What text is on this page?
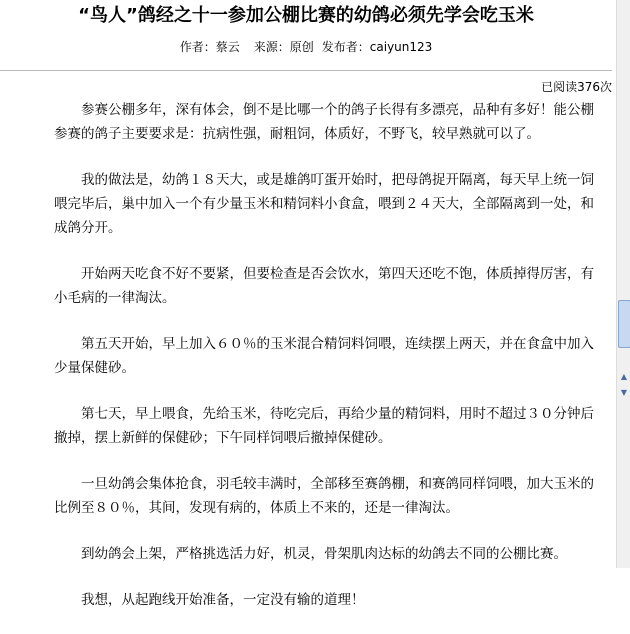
“鸟人”鸽经之十一参加公棚比赛的幼鸽必须先学会吃玉米
作者：蔡云 来源：原创 发布者：caiyun123
已阅读376次

参赛公棚多年，深有体会，倒不是比哪一个的鸽子长得有多漂亮，品种有多好！能公棚参赛的鸽子主要要求是：抗病性强，耐粗饲，体质好，不野飞，较早熟就可以了。

我的做法是，幼鸽１８天大，或是雄鸽叮蛋开始时，把母鸽捉开隔离，每天早上统一饲喂完毕后，巢中加入一个有少量玉米和精饲料小食盒，喂到２４天大，全部隔离到一处，和成鸽分开。

开始两天吃食不好不要紧，但要检查是否会饮水，第四天还吃不饱，体质掉得厉害，有小毛病的一律淘汰。

第五天开始，早上加入６０％的玉米混合精饲料饲喂，连续摆上两天，并在食盒中加入少量保健砂。

第七天，早上喂食，先给玉米，待吃完后，再给少量的精饲料，用时不超过３０分钟后撤掉，摆上新鲜的保健砂；下午同样饲喂后撤掉保健砂。

一旦幼鸽会集体抢食，羽毛较丰满时，全部移至赛鸽棚，和赛鸽同样饲喂，加大玉米的比例至８０％，其间，发现有病的，体质上不来的，还是一律淘汰。

到幼鸽会上架，严格挑选活力好，机灵，骨架肌肉达标的幼鸽去不同的公棚比赛。

我想，从起跑线开始准备，一定没有输的道理！

▲
▼
